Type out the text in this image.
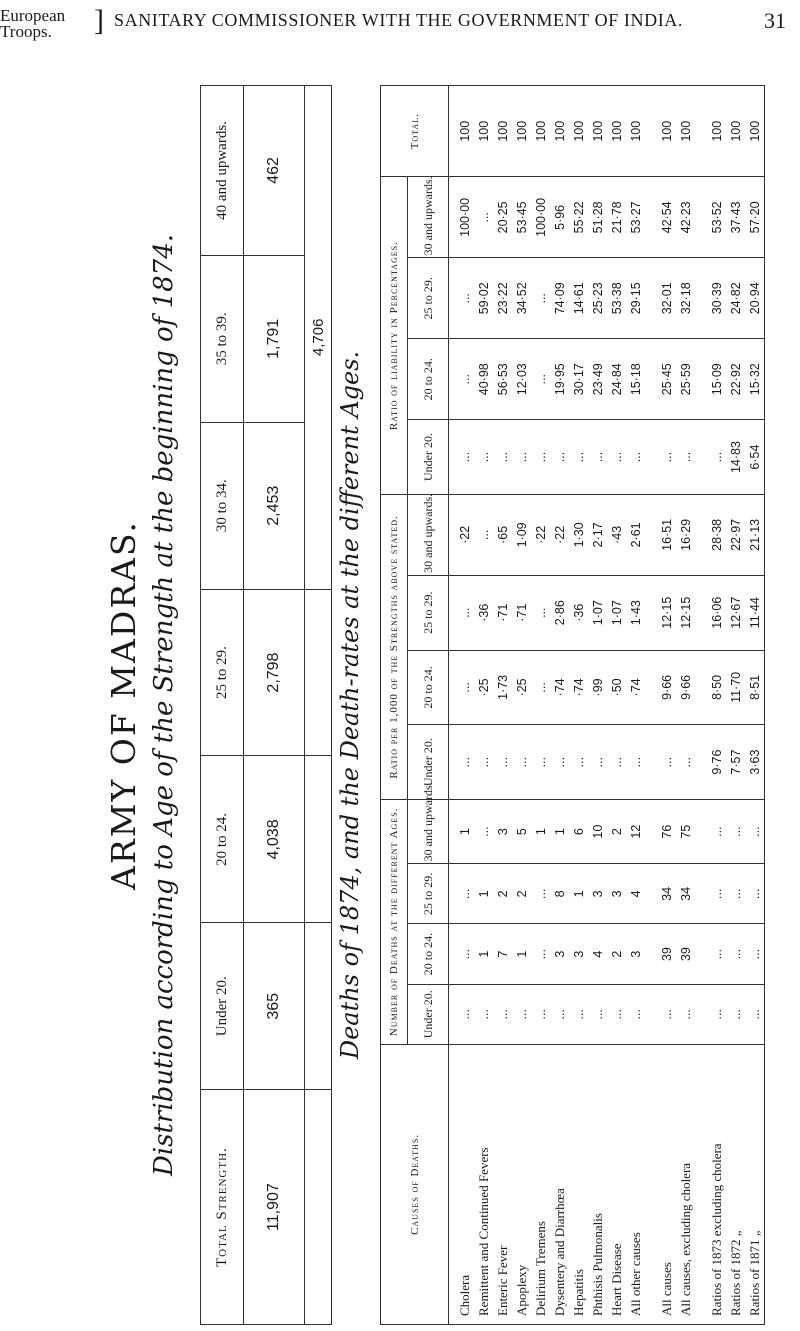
European
Troops.	] SANITARY COMMISSIONER WITH THE GOVERNMENT OF INDIA.	31
ARMY OF MADRAS. Distribution according to Age of the Strength at the beginning of 1874.
Total Strength.	Under 20.	20 to 24.	25 to 29.	30 to 34.	35 to 39.	40 and upwards.
11,907	365	4,038	2,798	2,453	1,791	462
				4,706		
Deaths of 1874, and the Death-rates at the different Ages.
Causes of Deaths.	Number of Deaths at the different Ages.				Ratio per 1,000 of the Strengths above stated.				Ratio of liability in Percentages.				Total.
	Under 20.	20 to 24.	25 to 29.	30 and upwards.	Under 20.	20 to 24.	25 to 29.	30 and upwards.	Under 20.	20 to 24.	25 to 29.	30 and upwards.	

Cholera	...	...	...	1	...	...	...	·22	...	...	...	100·00	100
Remittent and Continued Fevers	...	1	1	...	...	·25	·36	...	...	40·98	59·02	...	100
Enteric Fever	...	7	2	3	...	1·73	·71	·65	...	56·53	23·22	20·25	100
Apoplexy	...	1	2	5	...	·25	·71	1·09	...	12·03	34·52	53·45	100
Delirium Tremens	...	...	...	1	...	...	...	·22	...	...	...	100·00	100
Dysentery and Diarrhœa	...	3	8	1	...	·74	2·86	·22	...	19·95	74·09	5·96	100
Hepatitis	...	3	1	6	...	·74	·36	1·30	...	30·17	14·61	55·22	100
Phthisis Pulmonalis	...	4	3	10	...	·99	1·07	2·17	...	23·49	25·23	51·28	100
Heart Disease	...	2	3	2	...	·50	1·07	·43	...	24·84	53·38	21·78	100
All other causes	...	3	4	12	...	·74	1·43	2·61	...	15·18	29·15	53·27	100

All causes	...	39	34	76	...	9·66	12·15	16·51	...	25·45	32·01	42·54	100
All causes, excluding cholera	...	39	34	75	...	9·66	12·15	16·29	...	25·59	32·18	42·23	100

Ratios of 1873 excluding cholera	...	...	...	...	9·76	8·50	16·06	28·38	...	15·09	30·39	53·52	100
Ratios of 1872 „	...	...	...	...	7·57	11·70	12·67	22·97	14·83	22·92	24·82	37·43	100
Ratios of 1871 „	...	...	...	...	3·63	8·51	11·44	21·13	6·54	15·32	20·94	57·20	100
